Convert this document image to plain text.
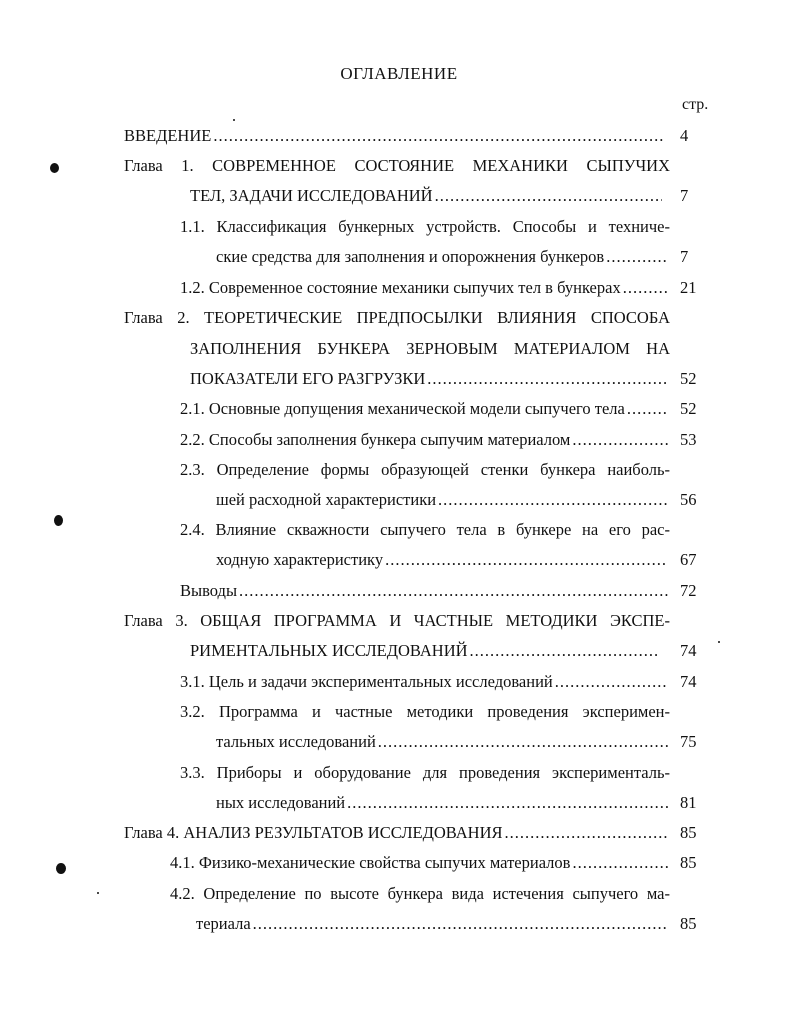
ОГЛАВЛЕНИЕ
стр.
ВВЕДЕНИЕ .....	4
Глава 1. СОВРЕМЕННОЕ СОСТОЯНИЕ МЕХАНИКИ СЫПУЧИХ
ТЕЛ, ЗАДАЧИ ИССЛЕДОВАНИЙ .....	7
1.1. Классификация бункерных устройств. Способы и техниче-
ские средства для заполнения и опорожнения бункеров .....	7
1.2. Современное состояние механики сыпучих тел в бункерах .....	21
Глава 2. ТЕОРЕТИЧЕСКИЕ ПРЕДПОСЫЛКИ ВЛИЯНИЯ СПОСОБА
ЗАПОЛНЕНИЯ БУНКЕРА ЗЕРНОВЫМ МАТЕРИАЛОМ НА
ПОКАЗАТЕЛИ ЕГО РАЗГРУЗКИ .....	52
2.1. Основные допущения механической модели сыпучего тела .....	52
2.2. Способы заполнения бункера сыпучим материалом .....	53
2.3. Определение формы образующей стенки бункера наиболь-
шей расходной характеристики .....	56
2.4. Влияние скважности сыпучего тела в бункере на его рас-
ходную характеристику .....	67
Выводы .....	72
Глава 3. ОБЩАЯ ПРОГРАММА И ЧАСТНЫЕ МЕТОДИКИ ЭКСПЕ-
РИМЕНТАЛЬНЫХ ИССЛЕДОВАНИЙ .....	74
3.1. Цель и задачи экспериментальных исследований .....	74
3.2. Программа и частные методики проведения эксперимен-
тальных исследований .....	75
3.3. Приборы и оборудование для проведения эксперименталь-
ных исследований .....	81
Глава 4. АНАЛИЗ РЕЗУЛЬТАТОВ ИССЛЕДОВАНИЯ .....	85
4.1. Физико-механические свойства сыпучих материалов .....	85
4.2. Определение по высоте бункера вида истечения сыпучего ма-
териала .....	85
